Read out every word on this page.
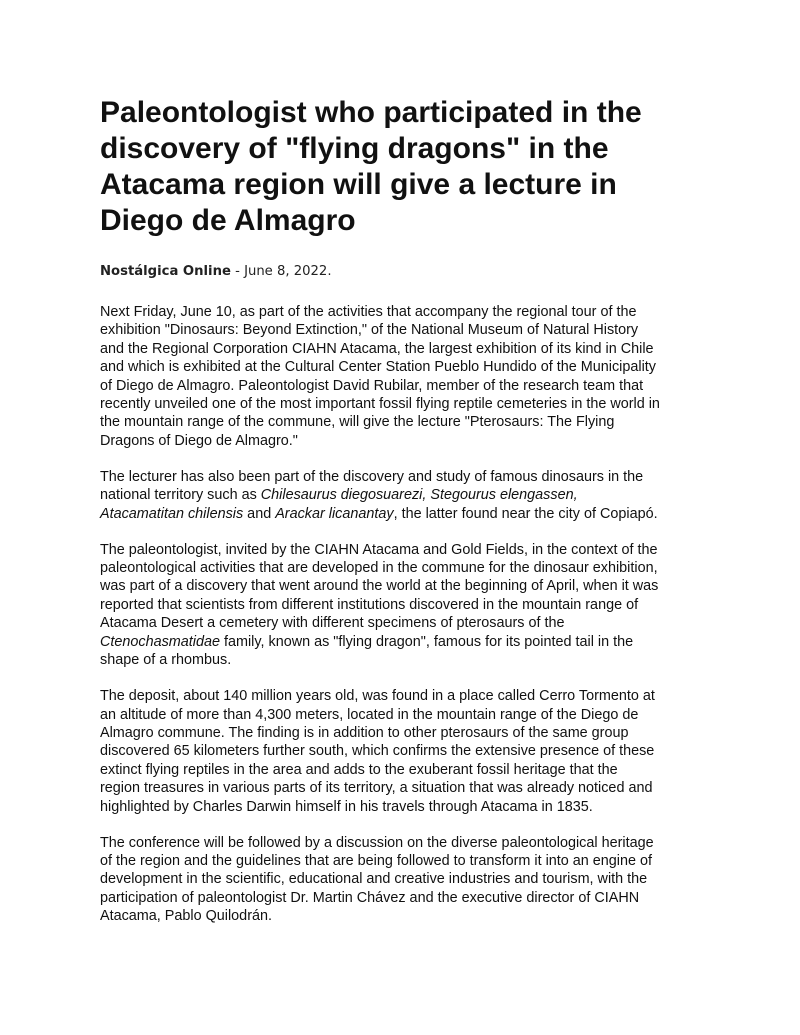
Paleontologist who participated in the
discovery of "flying dragons" in the
Atacama region will give a lecture in
Diego de Almagro
Nostálgica Online - June 8, 2022.

Next Friday, June 10, as part of the activities that accompany the regional tour of the
exhibition "Dinosaurs: Beyond Extinction," of the National Museum of Natural History
and the Regional Corporation CIAHN Atacama, the largest exhibition of its kind in Chile
and which is exhibited at the Cultural Center Station Pueblo Hundido of the Municipality
of Diego de Almagro. Paleontologist David Rubilar, member of the research team that
recently unveiled one of the most important fossil flying reptile cemeteries in the world in
the mountain range of the commune, will give the lecture "Pterosaurs: The Flying
Dragons of Diego de Almagro."

The lecturer has also been part of the discovery and study of famous dinosaurs in the
national territory such as Chilesaurus diegosuarezi, Stegourus elengassen,
Atacamatitan chilensis and Arackar licanantay, the latter found near the city of Copiapó.

The paleontologist, invited by the CIAHN Atacama and Gold Fields, in the context of the
paleontological activities that are developed in the commune for the dinosaur exhibition,
was part of a discovery that went around the world at the beginning of April, when it was
reported that scientists from different institutions discovered in the mountain range of
Atacama Desert a cemetery with different specimens of pterosaurs of the
Ctenochasmatidae family, known as "flying dragon", famous for its pointed tail in the
shape of a rhombus.

The deposit, about 140 million years old, was found in a place called Cerro Tormento at
an altitude of more than 4,300 meters, located in the mountain range of the Diego de
Almagro commune. The finding is in addition to other pterosaurs of the same group
discovered 65 kilometers further south, which confirms the extensive presence of these
extinct flying reptiles in the area and adds to the exuberant fossil heritage that the
region treasures in various parts of its territory, a situation that was already noticed and
highlighted by Charles Darwin himself in his travels through Atacama in 1835.

The conference will be followed by a discussion on the diverse paleontological heritage
of the region and the guidelines that are being followed to transform it into an engine of
development in the scientific, educational and creative industries and tourism, with the
participation of paleontologist Dr. Martin Chávez and the executive director of CIAHN
Atacama, Pablo Quilodrán.
